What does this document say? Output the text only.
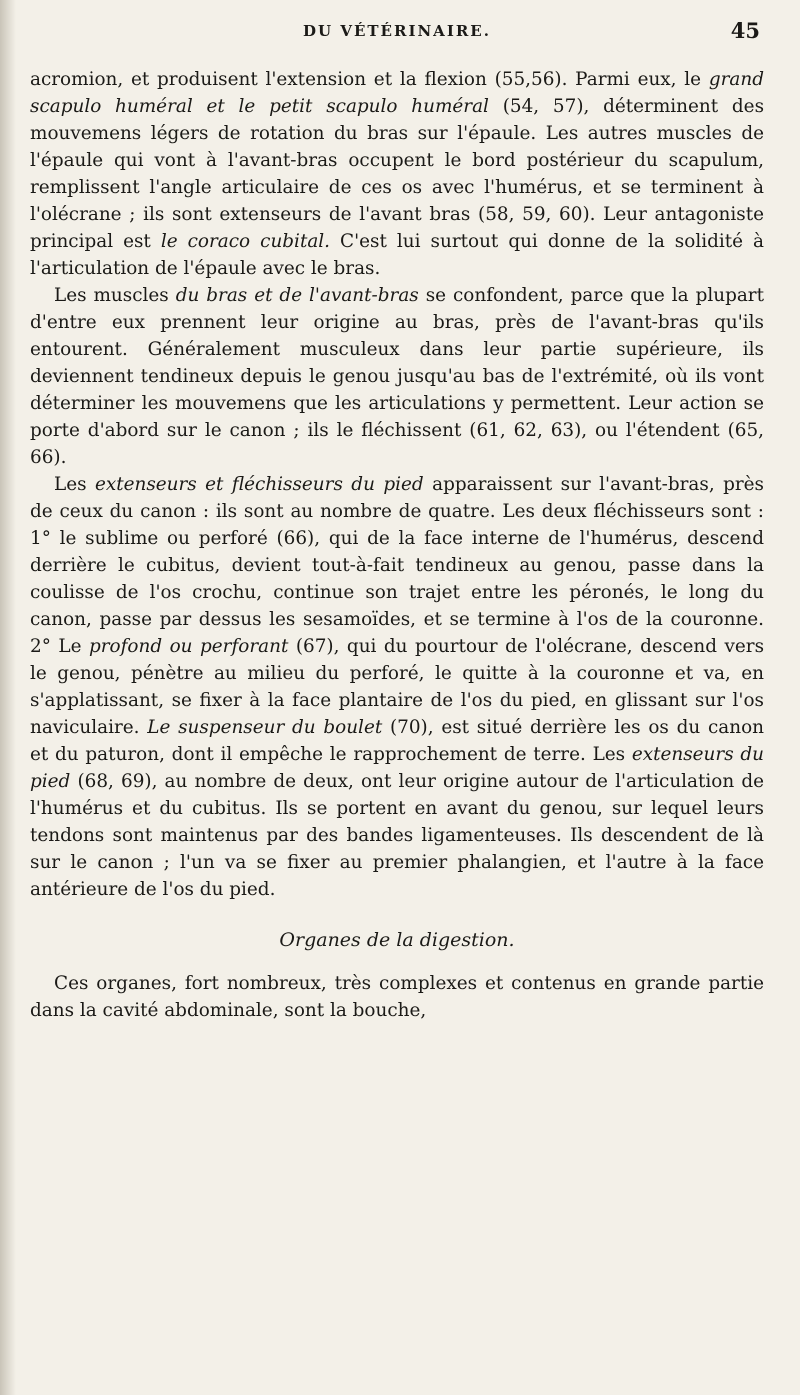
DU VÉTÉRINAIRE.	45

acromion, et produisent l'extension et la flexion (55,56). Parmi eux, le grand scapulo huméral et le petit scapulo huméral (54, 57), déterminent des mouvemens légers de rotation du bras sur l'épaule. Les autres muscles de l'épaule qui vont à l'avant-bras occupent le bord postérieur du scapulum, remplissent l'angle articulaire de ces os avec l'humérus, et se terminent à l'olécrane ; ils sont extenseurs de l'avant bras (58, 59, 60). Leur antagoniste principal est le coraco cubital. C'est lui surtout qui donne de la solidité à l'articulation de l'épaule avec le bras.

Les muscles du bras et de l'avant-bras se confondent, parce que la plupart d'entre eux prennent leur origine au bras, près de l'avant-bras qu'ils entourent. Généralement musculeux dans leur partie supérieure, ils deviennent tendineux depuis le genou jusqu'au bas de l'extrémité, où ils vont déterminer les mouvemens que les articulations y permettent. Leur action se porte d'abord sur le canon ; ils le fléchissent (61, 62, 63), ou l'étendent (65, 66).

Les extenseurs et fléchisseurs du pied apparaissent sur l'avant-bras, près de ceux du canon : ils sont au nombre de quatre. Les deux fléchisseurs sont : 1° le sublime ou perforé (66), qui de la face interne de l'humérus, descend derrière le cubitus, devient tout-à-fait tendineux au genou, passe dans la coulisse de l'os crochu, continue son trajet entre les péronés, le long du canon, passe par dessus les sesamoïdes, et se termine à l'os de la couronne. 2° Le profond ou perforant (67), qui du pourtour de l'olécrane, descend vers le genou, pénètre au milieu du perforé, le quitte à la couronne et va, en s'applatissant, se fixer à la face plantaire de l'os du pied, en glissant sur l'os naviculaire. Le suspenseur du boulet (70), est situé derrière les os du canon et du paturon, dont il empêche le rapprochement de terre. Les extenseurs du pied (68, 69), au nombre de deux, ont leur origine autour de l'articulation de l'humérus et du cubitus. Ils se portent en avant du genou, sur lequel leurs tendons sont maintenus par des bandes ligamenteuses. Ils descendent de là sur le canon ; l'un va se fixer au premier phalangien, et l'autre à la face antérieure de l'os du pied.

Organes de la digestion.

Ces organes, fort nombreux, très complexes et contenus en grande partie dans la cavité abdominale, sont la bouche,
